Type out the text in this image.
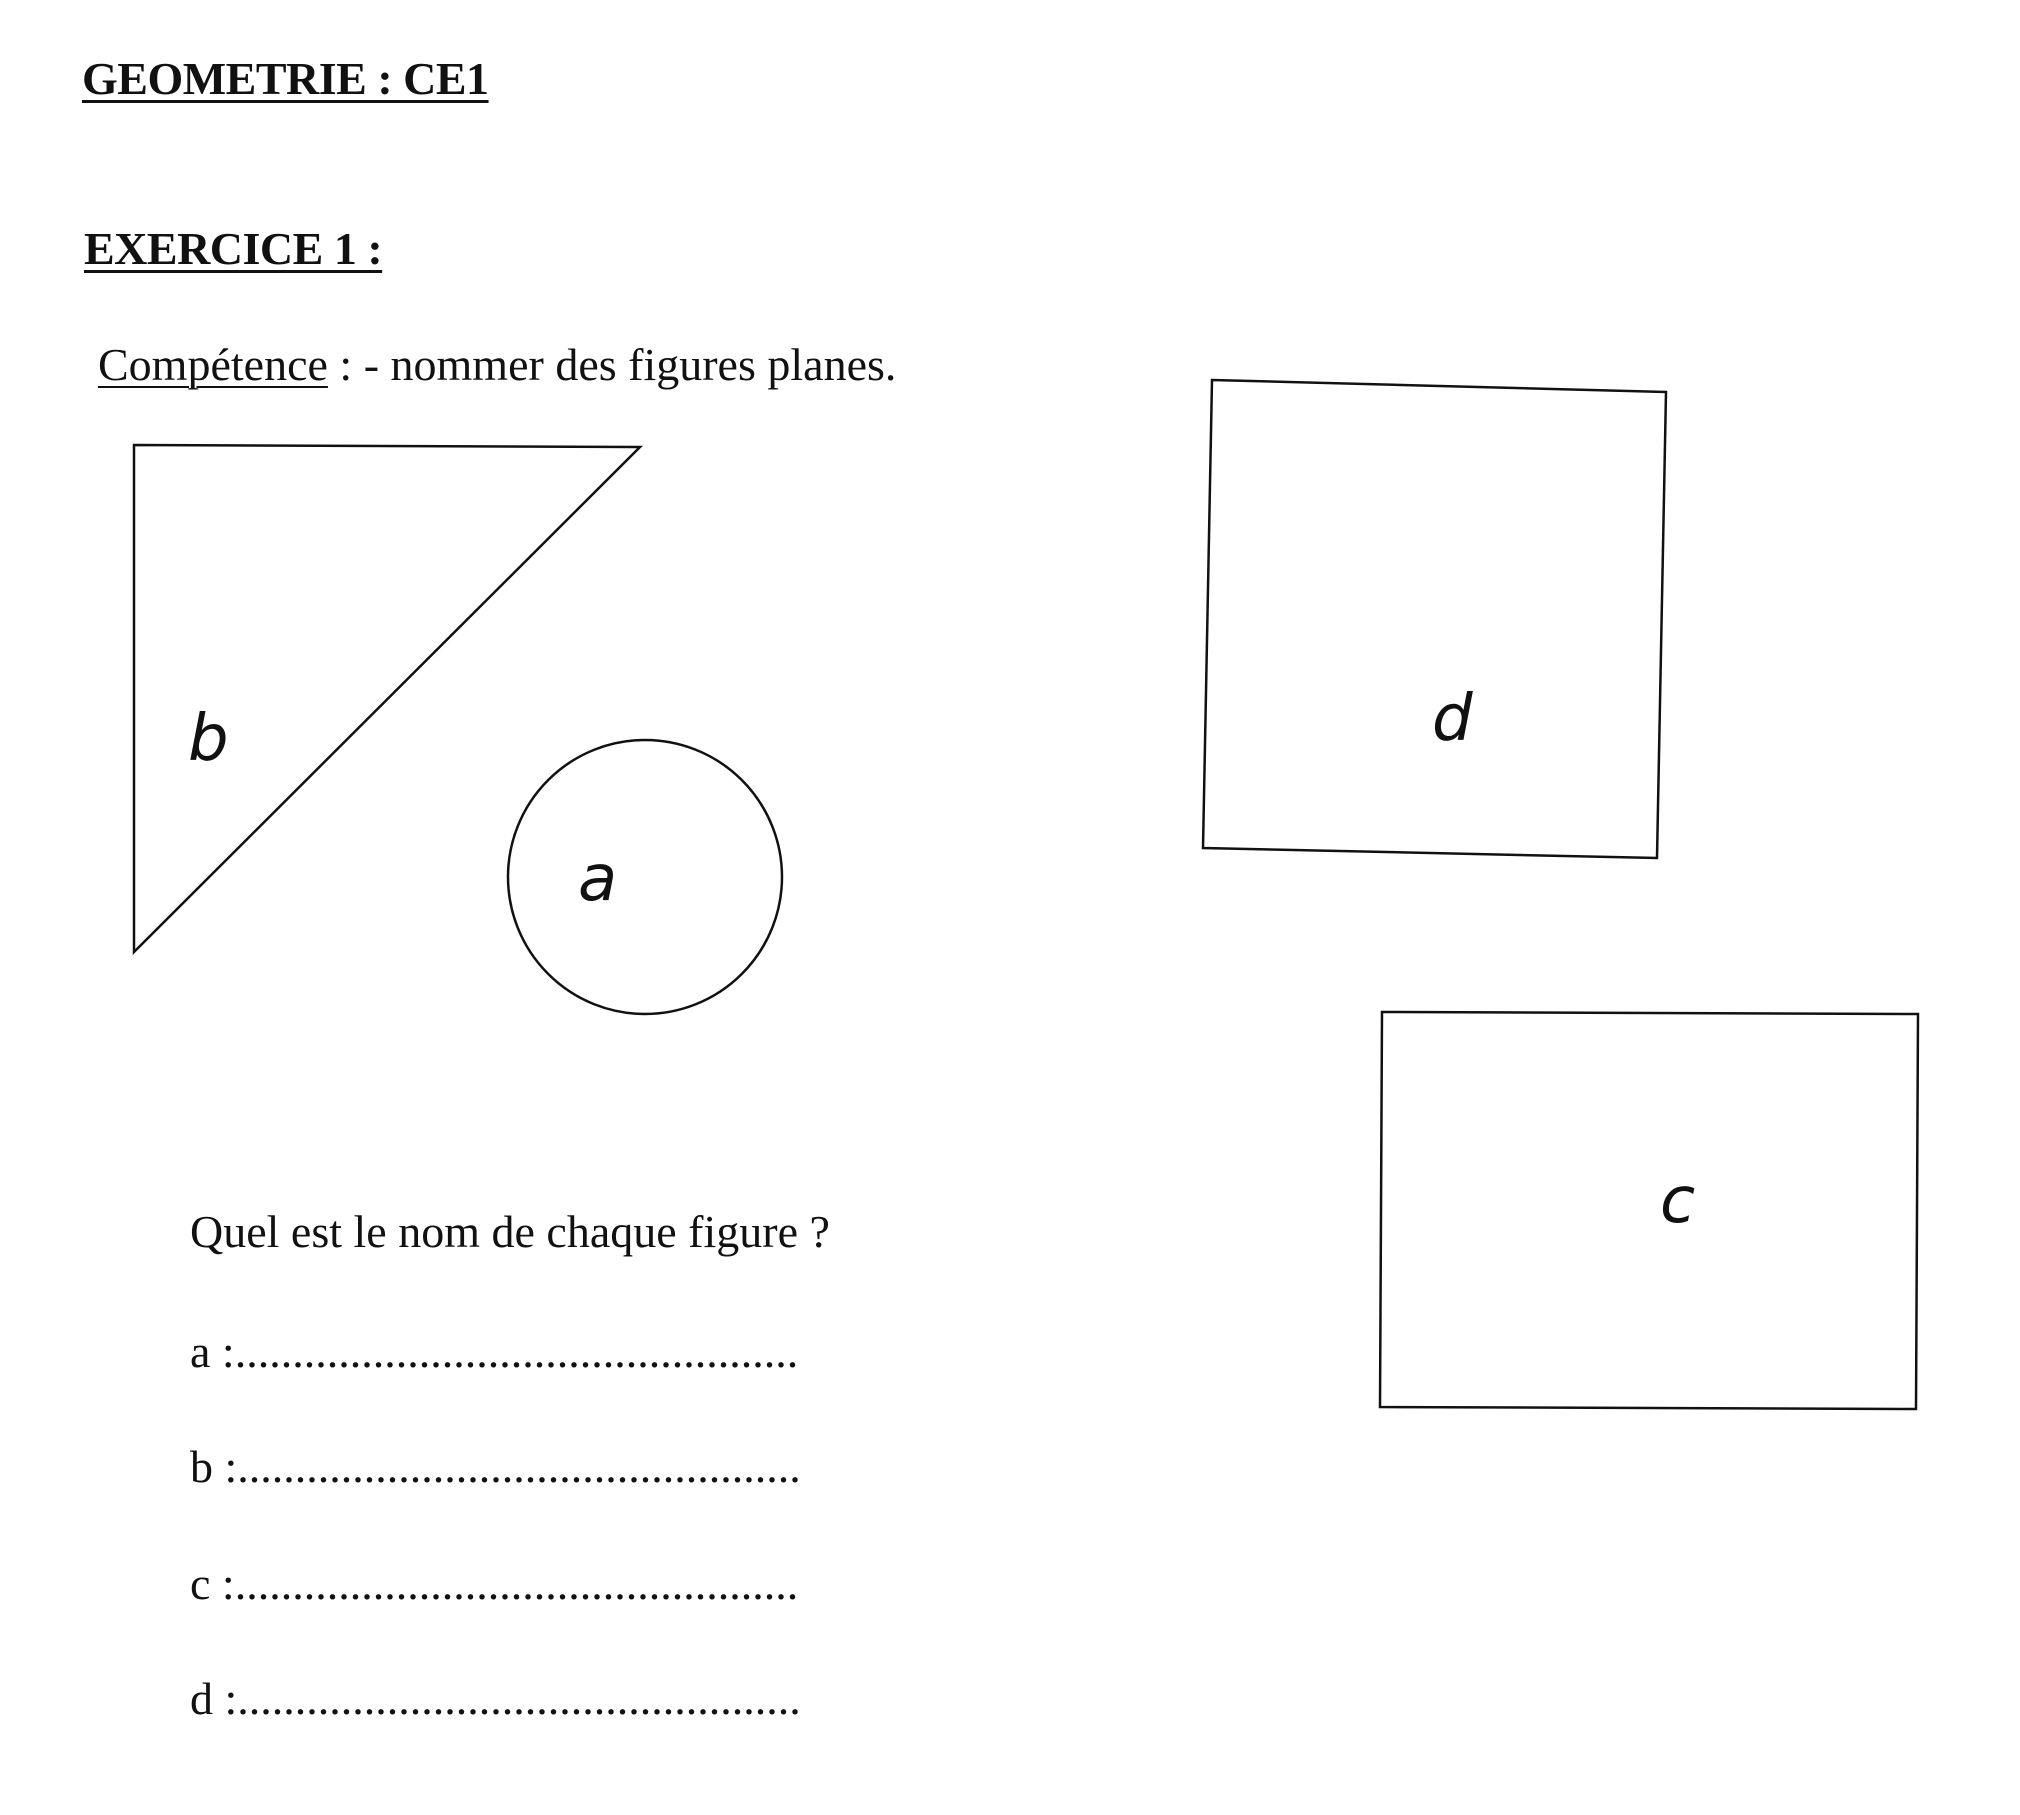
GEOMETRIE : CE1
EXERCICE 1 :
Compétence : - nommer des figures planes.
b
a
d
c
Quel est le nom de chaque figure ?
a :.................................................
b :.................................................
c :.................................................
d :.................................................
